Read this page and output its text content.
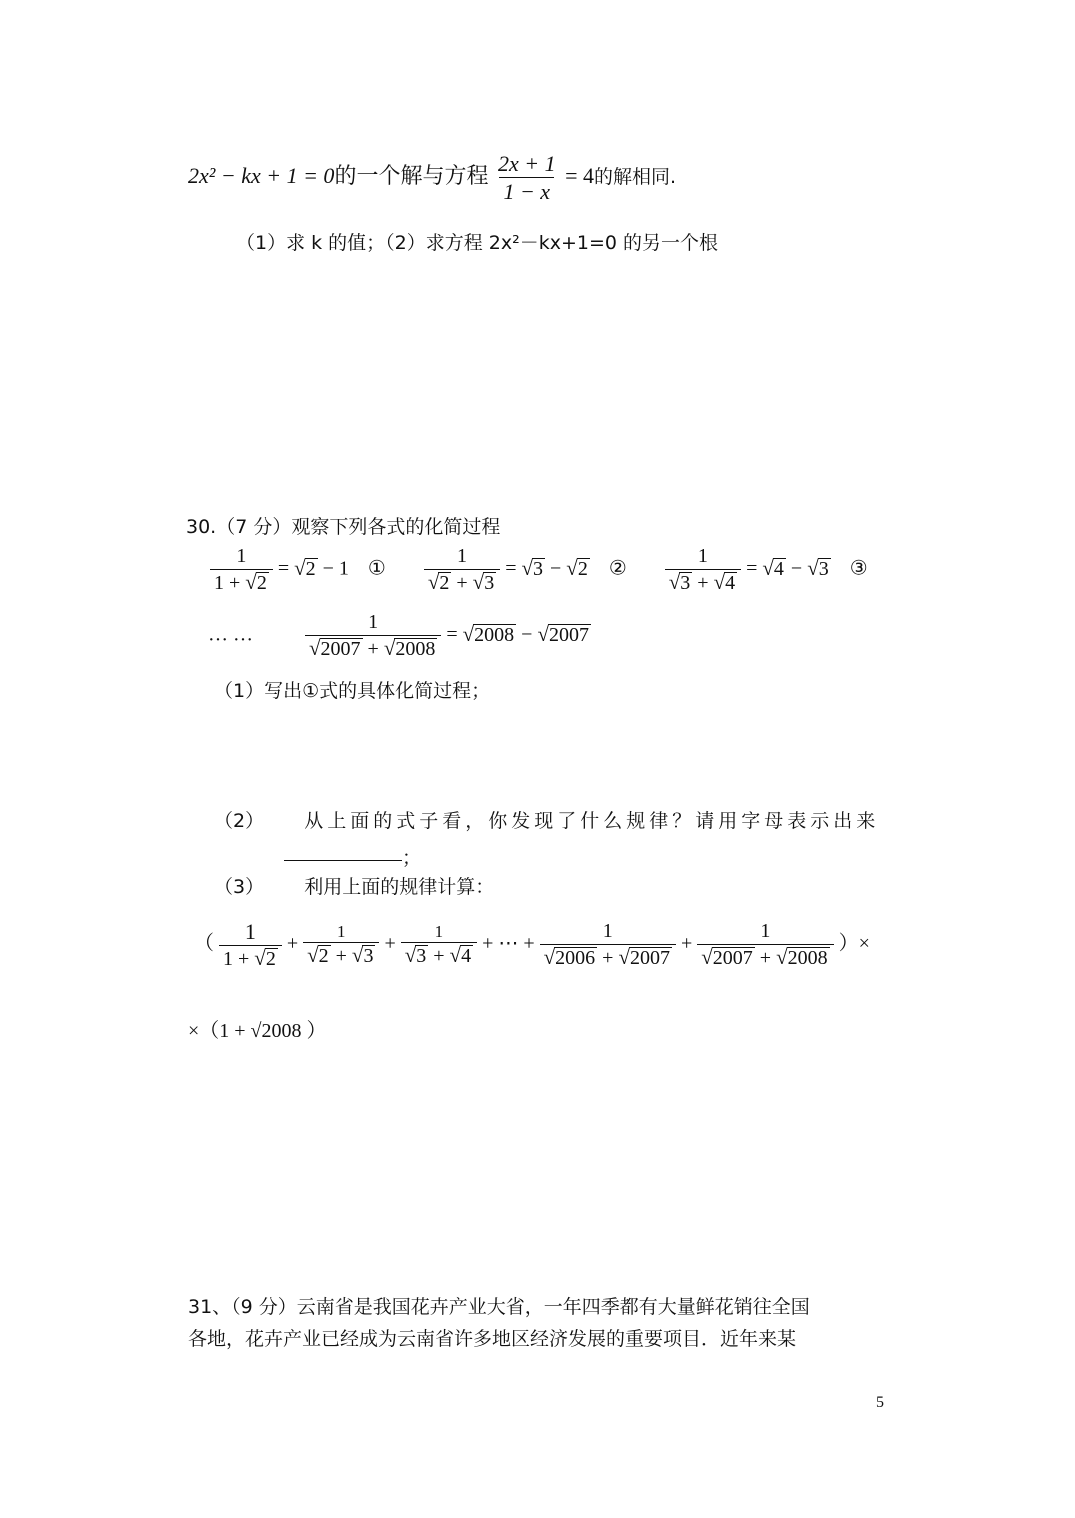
2x² − kx + 1 = 0的一个解与方程 $\frac{2x + 1}{1 - x} = 4$的解相同.
（1）求 k 的值；（2）求方程 2x²－kx+1=0 的另一个根
30.（7 分）观察下列各式的化简过程
$\frac{1}{1 + √ 2}$ = √ 2 − 1 ① $\frac{1}{√ 2 + √ 3}$ = √ 3 − √ 2 ② $\frac{1}{√ 3 + √ 4}$ = √ 4 − √ 3 ③
… …	$\frac{1}{√ 2007 + √ 2008}$ = √ 2008 − √ 2007
（1）写出①式的具体化简过程；
（2） 从上面的式子看，你发现了什么规律？请用字母表示出来
；
（3） 利用上面的规律计算：
（ $\frac{1}{1 + √ 2} + \frac{1}{√ 2 + √ 3} + \frac{1}{√ 3 + √ 4}$ + ⋯ + $\frac{1}{√ 2006 + √ 2007} + \frac{1}{√ 2007 + √ 2008}$ ）×
×（1 + √2008 ）
31、（9 分）云南省是我国花卉产业大省，一年四季都有大量鲜花销往全国
各地，花卉产业已经成为云南省许多地区经济发展的重要项目．近年来某
5
